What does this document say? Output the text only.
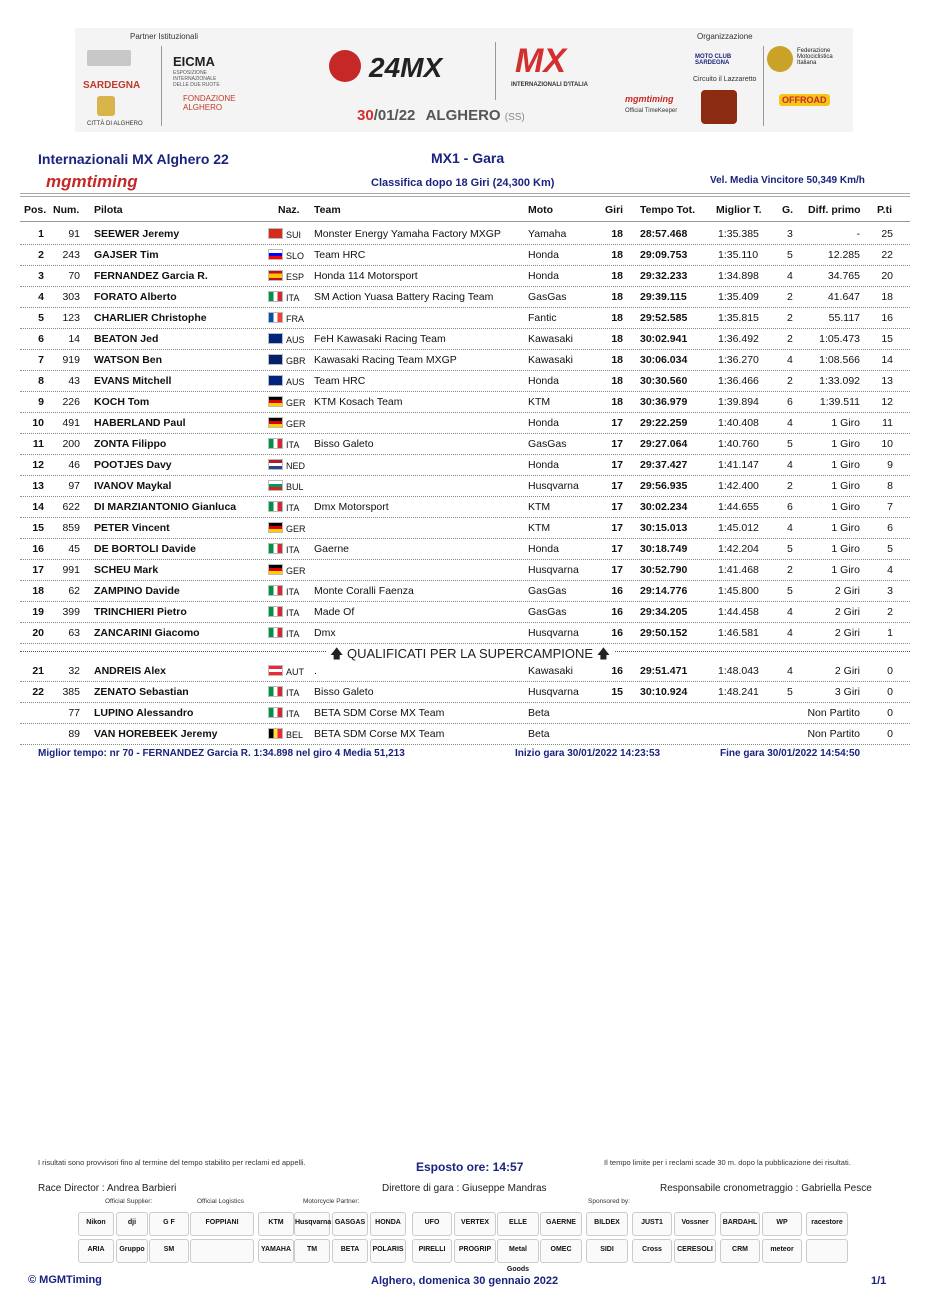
Partner Istituzionali
SARDEGNA
CITTÀ DI ALGHERO
EICMA
ESPOSIZIONE INTERNAZIONALE DELLE DUE RUOTE
FONDAZIONE ALGHERO
24MX MX
INTERNAZIONALI D'ITALIA
30/01/22 ALGHERO (SS)
Organizzazione
MOTO CLUB SARDEGNA
Circuito il Lazzaretto
mgmtiming
Official TimeKeeper
Federazione Motociclistica Italiana
OFFROAD
Internazionali MX Alghero 22	MX1 - Gara
mgmtiming	Classifica dopo 18 Giri (24,300 Km)	Vel. Media Vincitore 50,349 Km/h
Pos. Num. Pilota	Naz. Team	Moto	Giri Tempo Tot. Miglior T. G. Diff. primo P.ti
1 91 SEEWER Jeremy	SUI Monster Energy Yamaha Factory MXGP	Yamaha	18 28:57.468	1:35.385	3	- 25
2 243 GAJSER Tim	SLO Team HRC	Honda	18 29:09.753	1:35.110	5	12.285 22
3 70 FERNANDEZ Garcia R.	ESP Honda 114 Motorsport	Honda	18 29:32.233	1:34.898	4	34.765 20
4 303 FORATO Alberto	ITA SM Action Yuasa Battery Racing Team	GasGas	18 29:39.115	1:35.409	2	41.647 18
5 123 CHARLIER Christophe	FRA	Fantic	18 29:52.585	1:35.815	2	55.117 16
6 14 BEATON Jed	AUS FeH Kawasaki Racing Team	Kawasaki	18 30:02.941	1:36.492	2	1:05.473 15
7 919 WATSON Ben	GBR Kawasaki Racing Team MXGP	Kawasaki	18 30:06.034	1:36.270	4	1:08.566 14
8 43 EVANS Mitchell	AUS Team HRC	Honda	18 30:30.560	1:36.466	2	1:33.092 13
9 226 KOCH Tom	GER KTM Kosach Team	KTM	18 30:36.979	1:39.894	6	1:39.511 12
10 491 HABERLAND Paul	GER	Honda	17 29:22.259	1:40.408	4	1 Giro 11
11 200 ZONTA Filippo	ITA Bisso Galeto	GasGas	17 29:27.064	1:40.760	5	1 Giro 10
12 46 POOTJES Davy	NED	Honda	17 29:37.427	1:41.147	4	1 Giro	9
13 97 IVANOV Maykal	BUL	Husqvarna	17 29:56.935	1:42.400	2	1 Giro	8
14 622 DI MARZIANTONIO Gianluca	ITA Dmx Motorsport	KTM	17 30:02.234	1:44.655	6	1 Giro	7
15 859 PETER Vincent	GER	KTM	17 30:15.013	1:45.012	4	1 Giro	6
16 45 DE BORTOLI Davide	ITA Gaerne	Honda	17 30:18.749	1:42.204	5	1 Giro	5
17 991 SCHEU Mark	GER	Husqvarna	17 30:52.790	1:41.468	2	1 Giro	4
18 62 ZAMPINO Davide	ITA Monte Coralli Faenza	GasGas	16 29:14.776	1:45.800	5	2 Giri	3
19 399 TRINCHIERI Pietro	ITA Made Of	GasGas	16 29:34.205	1:44.458	4	2 Giri	2
20 63 ZANCARINI Giacomo	ITA Dmx	Husqvarna	16 29:50.152	1:46.581	4	2 Giri	1
🡅 QUALIFICATI PER LA SUPERCAMPIONE 🡅
21 32 ANDREIS Alex	AUT .	Kawasaki	16 29:51.471	1:48.043	4	2 Giri	0
22 385 ZENATO Sebastian	ITA Bisso Galeto	Husqvarna	15 30:10.924	1:48.241	5	3 Giri	0
77 LUPINO Alessandro	ITA BETA SDM Corse MX Team	Beta	Non Partito	0
89 VAN HOREBEEK Jeremy	BEL BETA SDM Corse MX Team	Beta	Non Partito	0
Miglior tempo: nr 70 - FERNANDEZ Garcia R. 1:34.898 nel giro 4 Media 51,213	Inizio gara 30/01/2022 14:23:53	Fine gara 30/01/2022 14:54:50
I risultati sono provvisori fino al termine del tempo stabilito per reclami ed appelli.	Esposto ore: 14:57	Il tempo limite per i reclami scade 30 m. dopo la pubblicazione dei risultati.
Race Director : Andrea Barbieri	Direttore di gara : Giuseppe Mandras	Responsabile cronometraggio : Gabriella Pesce
Official Supplier:	Official Logistics	Motorcycle Partner:	Sponsored by:
Nikon	dji	G F	FOPPIANI	KTM	Husqvarna GASGAS	HONDA	UFO	VERTEX	ELLE	GAERNE	BILDEX	JUST1	Vossner	BARDAHL	WP	racestore
ARIA	Gruppo	SM	YAMAHA	TM	BETA	POLARIS	PIRELLI	PROGRIP	Metal Goods
OMEC	SIDI	Cross	CERESOLI	CRM	meteor
© MGMTiming	Alghero, domenica 30 gennaio 2022	1/1
